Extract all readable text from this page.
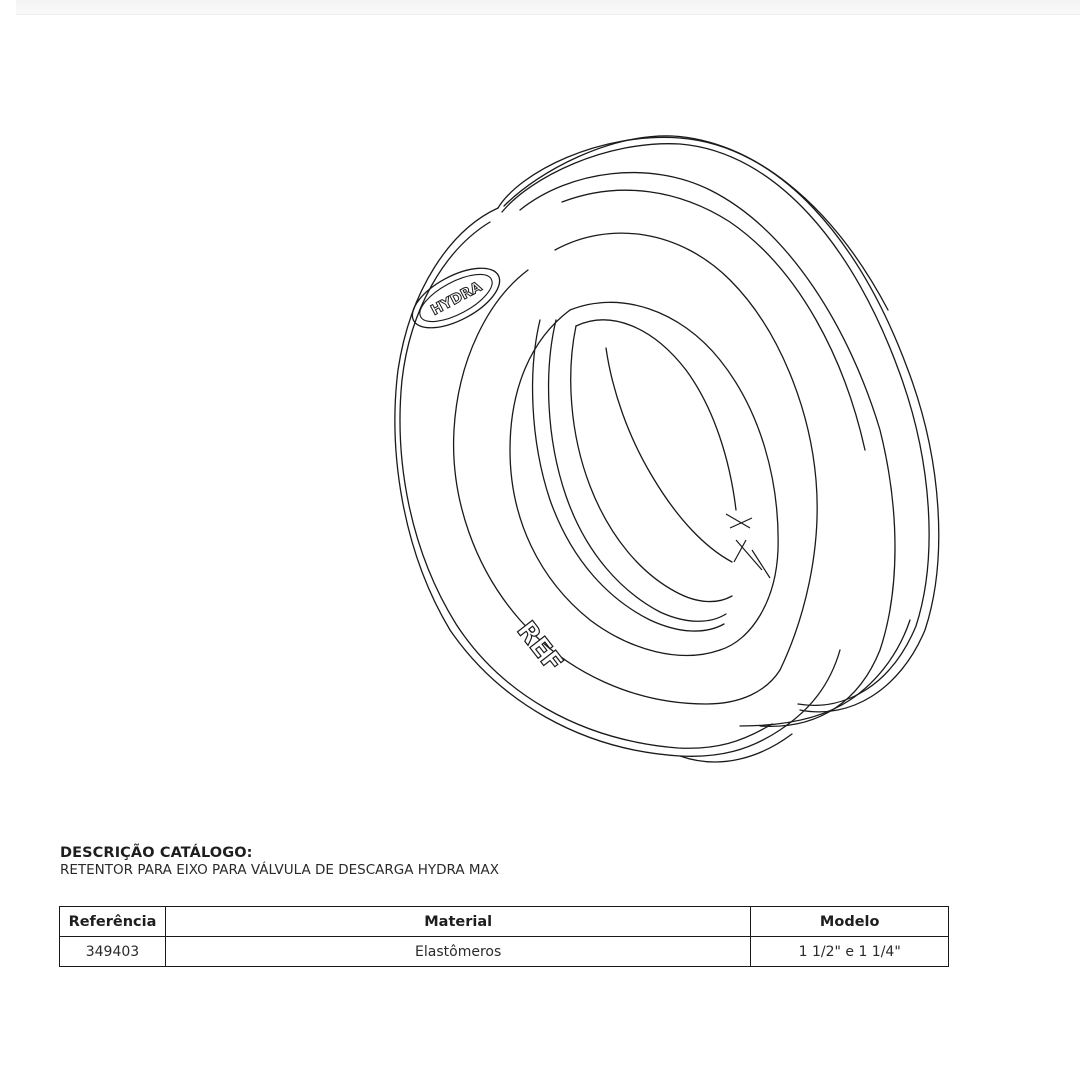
HYDRA
REF
DESCRIÇÃO CATÁLOGO:
RETENTOR PARA EIXO PARA VÁLVULA DE DESCARGA HYDRA MAX
Referência	Material	Modelo
349403	Elastômeros	1 1/2" e 1 1/4"
